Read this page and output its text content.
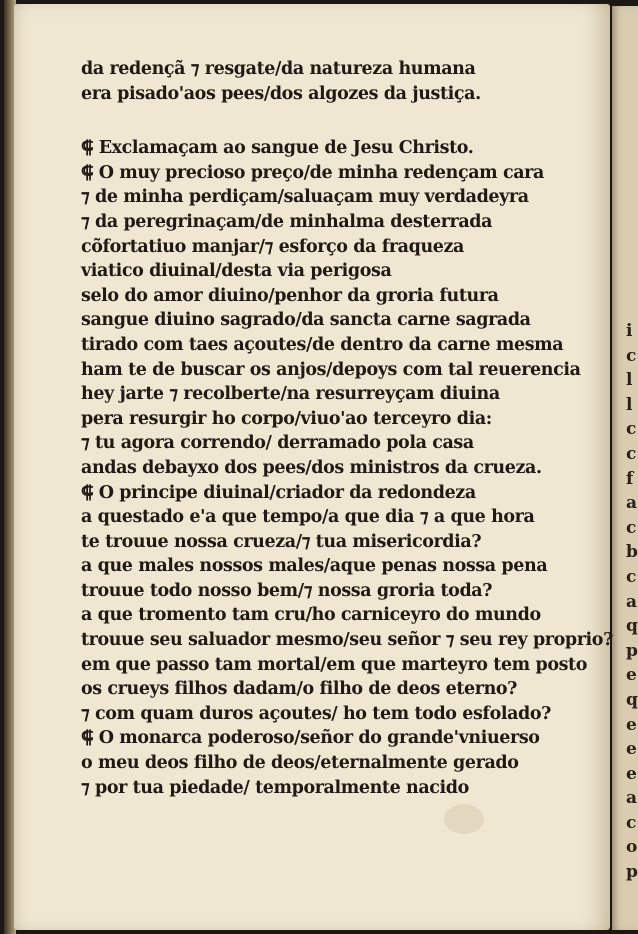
i
c
l
l
c
c
f
a
c
b
c
a
q
p
e
q
e
e
e
a
c
o
p
da redençã ⁊ resgate/da natureza humana
era pisado'aos pees/dos algozes da justiça.
⸿ Exclamaçam ao sangue de Jesu Christo.
⸿ O muy precioso preço/de minha redençam cara
⁊ de minha perdiçam/saluaçam muy verdadeyra
⁊ da peregrinaçam/de minhalma desterrada
cõfortatiuo manjar/⁊ esforço da fraqueza
viatico diuinal/desta via perigosa
selo do amor diuino/penhor da groria futura
sangue diuino sagrado/da sancta carne sagrada
tirado com taes açoutes/de dentro da carne mesma
ham te de buscar os anjos/depoys com tal reuerencia
hey jarte ⁊ recolberte/na resurreyçam diuina
pera resurgir ho corpo/viuo'ao terceyro dia:
⁊ tu agora correndo/ derramado pola casa
andas debayxo dos pees/dos ministros da crueza.
⸿ O principe diuinal/criador da redondeza
a questado e'a que tempo/a que dia ⁊ a que hora
te trouue nossa crueza/⁊ tua misericordia?
a que males nossos males/aque penas nossa pena
trouue todo nosso bem/⁊ nossa groria toda?
a que tromento tam cru/ho carniceyro do mundo
trouue seu saluador mesmo/seu señor ⁊ seu rey proprio?
em que passo tam mortal/em que marteyro tem posto
os crueys filhos dadam/o filho de deos eterno?
⁊ com quam duros açoutes/ ho tem todo esfolado?
⸿ O monarca poderoso/señor do grande'vniuerso
o meu deos filho de deos/eternalmente gerado
⁊ por tua piedade/ temporalmente nacido
